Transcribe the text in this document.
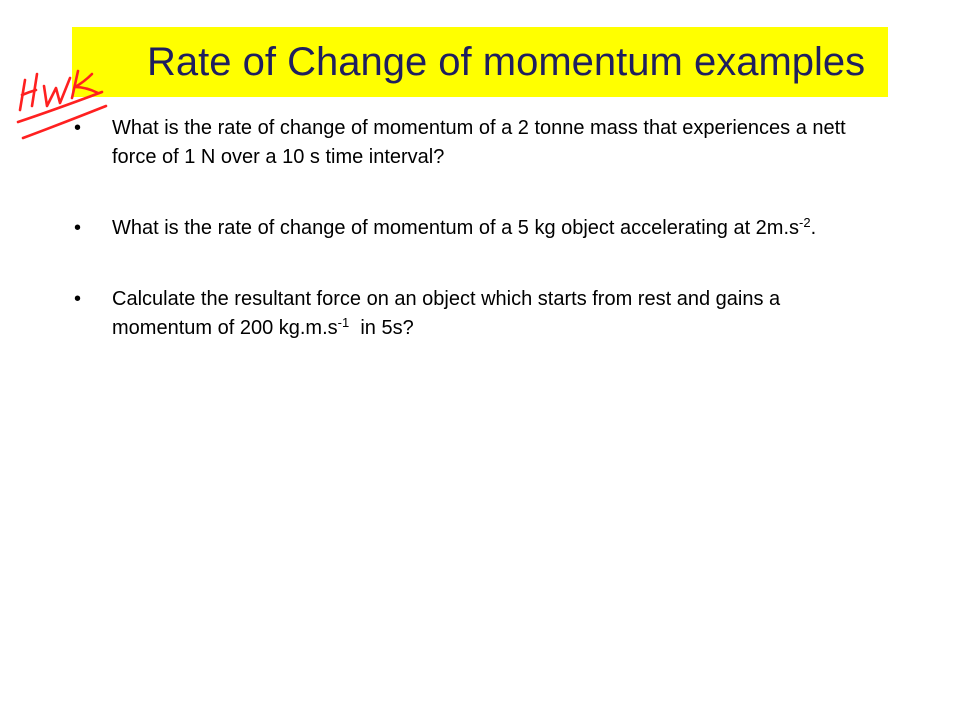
Rate of Change of momentum examples
• What is the rate of change of momentum of a 2 tonne mass that experiences a nett force of 1 N over a 10 s time interval?
• What is the rate of change of momentum of a 5 kg object accelerating at $2m.s^{-2}$.
• Calculate the resultant force on an object which starts from rest and gains a momentum of 200 $kg.m.s^{-1}$  in 5s?
